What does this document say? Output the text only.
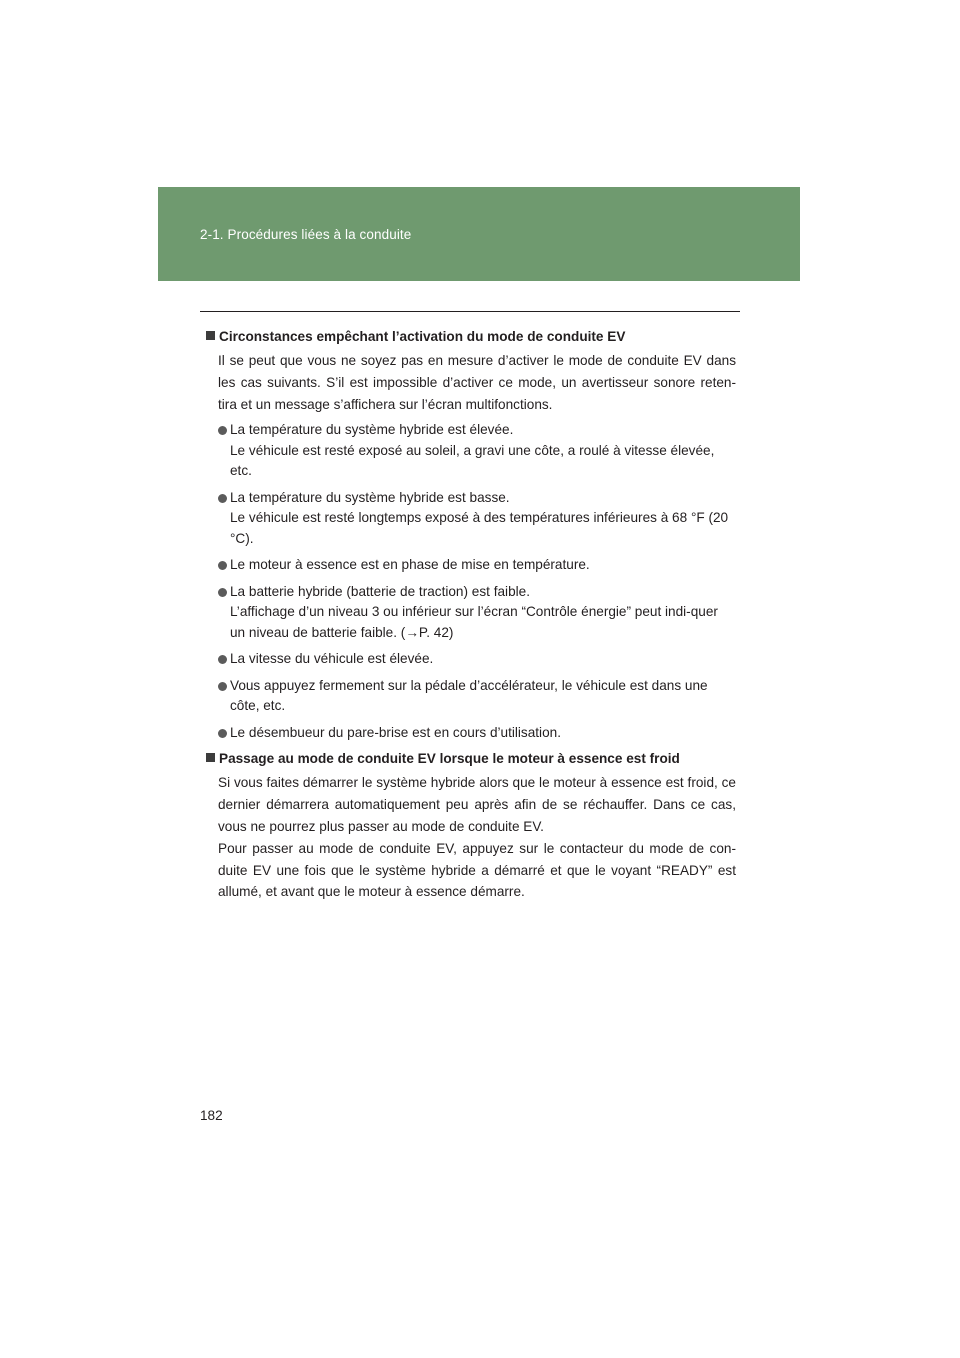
2-1. Procédures liées à la conduite
Circonstances empêchant l’activation du mode de conduite EV
Il se peut que vous ne soyez pas en mesure d’activer le mode de conduite EV dans les cas suivants. S’il est impossible d’activer ce mode, un avertisseur sonore reten-tira et un message s’affichera sur l’écran multifonctions.
La température du système hybride est élevée.
Le véhicule est resté exposé au soleil, a gravi une côte, a roulé à vitesse élevée, etc.
La température du système hybride est basse.
Le véhicule est resté longtemps exposé à des températures inférieures à 68 °F (20 °C).
Le moteur à essence est en phase de mise en température.
La batterie hybride (batterie de traction) est faible.
L’affichage d’un niveau 3 ou inférieur sur l’écran “Contrôle énergie” peut indi-quer un niveau de batterie faible. (→P. 42)
La vitesse du véhicule est élevée.
Vous appuyez fermement sur la pédale d’accélérateur, le véhicule est dans une côte, etc.
Le désembueur du pare-brise est en cours d’utilisation.
Passage au mode de conduite EV lorsque le moteur à essence est froid
Si vous faites démarrer le système hybride alors que le moteur à essence est froid, ce dernier démarrera automatiquement peu après afin de se réchauffer. Dans ce cas, vous ne pourrez plus passer au mode de conduite EV.
Pour passer au mode de conduite EV, appuyez sur le contacteur du mode de con-duite EV une fois que le système hybride a démarré et que le voyant “READY” est allumé, et avant que le moteur à essence démarre.
182
